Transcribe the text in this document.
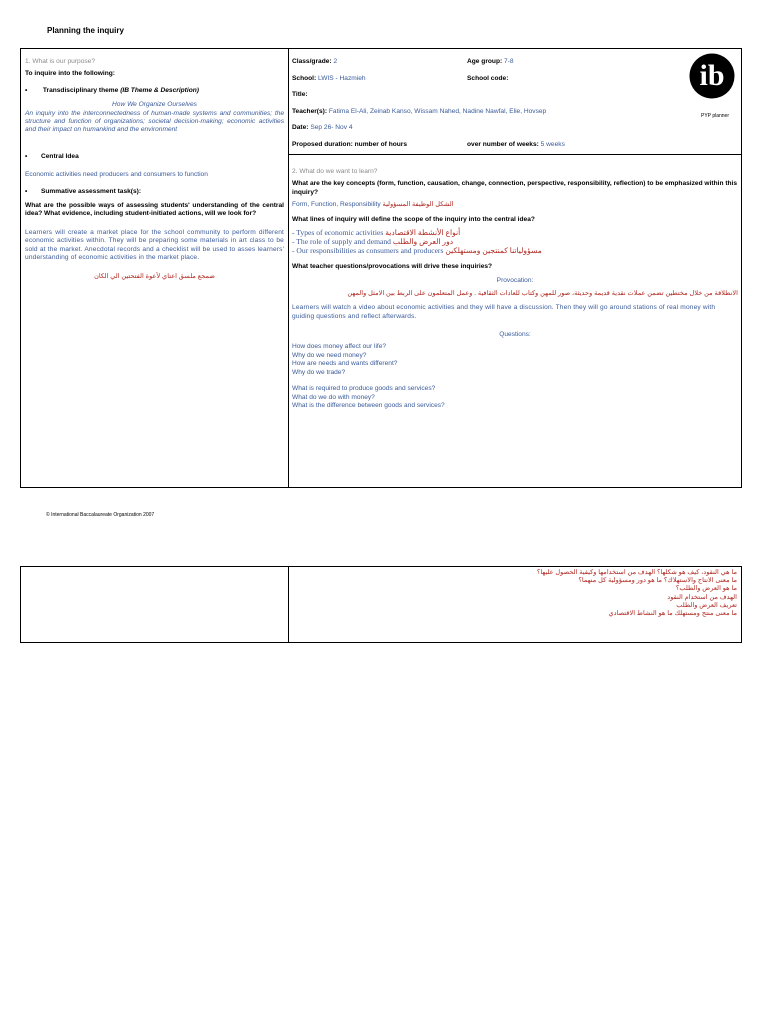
Planning the inquiry

1. What is our purpose?

To inquire into the following:

• Transdisciplinary theme (IB Theme & Description)

How We Organize Ourselves

An inquiry into the interconnectedness of human-made systems and communities; the structure and function of organizations; societal decision-making; economic activities and their impact on humankind and the environment

• Central Idea

Economic activities need producers and consumers to function

• Summative assessment task(s):

What are the possible ways of assessing students' understanding of the central idea? What evidence, including student-initiated actions, will we look for?

Learners will create a market place for the school community to perform different economic activities within. They will be preparing some materials in art class to be sold at the market. Anecdotal records and a checklist will be used to asses learners' understanding of economic activities in the market place.

ضمجع ملسق اعتاي لأعوة الفتحتين الي الكان

Class/grade: 2	Age group: 7-8
School: LWIS - Hazmieh	School code:
Title:
Teacher(s): Fatima El-Ali, Zeinab Kanso, Wissam Nahed, Nadine Nawfal, Elie, Hovsep
Date: Sep 26- Nov 4
Proposed duration: number of hours	over number of weeks: 5 weeks
ib
PYP planner

2. What do we want to learn?

What are the key concepts (form, function, causation, change, connection, perspective, responsibility, reflection) to be emphasized within this inquiry?

Form, Function, Responsibility الشكل الوظيفة المسؤولية

What lines of inquiry will define the scope of the inquiry into the central idea?

- Types of economic activities أنواع الأنشطة الاقتصادية

- The role of supply and demand دور العرض والطلب

- Our responsibilities as consumers and producers مسؤولياتنا كمنتجين ومستهلكين

What teacher questions/provocations will drive these inquiries?

Provocation:

الانطلاقة من خلال مختطين تضمن عملات نقدية قديمة وحديثة، صور للمهن وكتاب للعادات الثقافية . وعمل المتعلمون على الربط بين الامثل والمهن

Learners will watch a video about economic activities and they will have a discussion. Then they will go around stations of real money with guiding questions and reflect afterwards.

Questions:

How does money affect our life?

Why do we need money?

How are needs and wants different?

Why do we trade?

What is required to produce goods and services?

What do we do with money?

What is the difference between goods and services?

© International Baccalaureate Organization 2007

ما هي النقود، كيف هو شكلها؟ الهدف من استخدامها وكيفية الحصول عليها؟

ما معنى الانتاج والاستهلاك؟ ما هو دور ومسؤولية كل منهما؟

ما هو العرض والطلب؟

الهدف من استخدام النقود

تعريف العرض والطلب

ما معنى منتج ومستهلك ما هو النشاط الاقتصادي
